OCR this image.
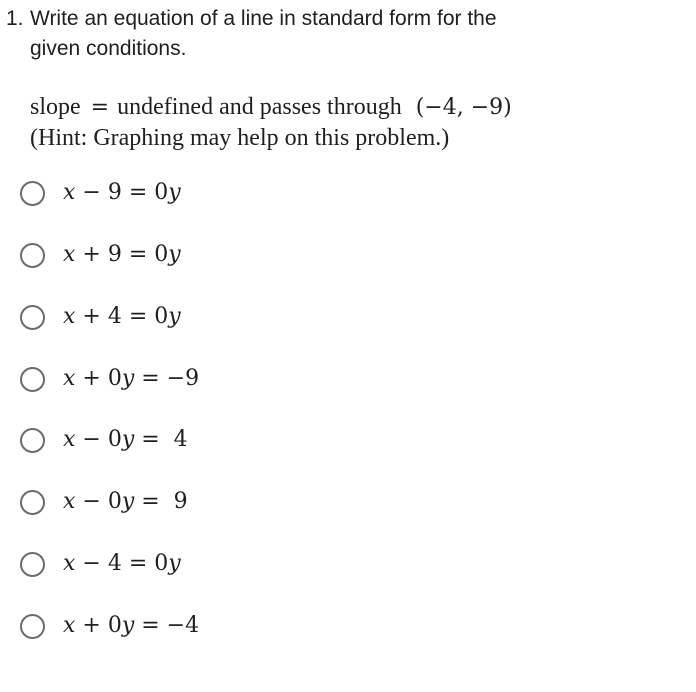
1. Write an equation of a line in standard form for the
given conditions.
slope = undefined and passes through (−4, −9)
(Hint: Graphing may help on this problem.)
𝑥 − 9 = 0𝑦
𝑥 + 9 = 0𝑦
𝑥 + 4 = 0𝑦
𝑥 + 0𝑦 = −9
𝑥 − 0𝑦 =  4
𝑥 − 0𝑦 =  9
𝑥 − 4 = 0𝑦
𝑥 + 0𝑦 = −4
